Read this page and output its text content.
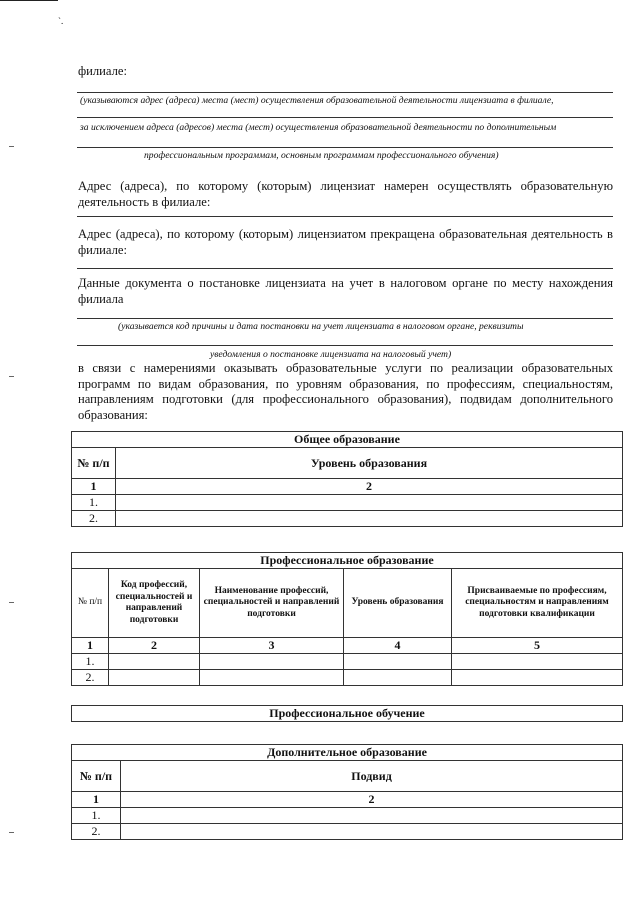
`.
филиале:
(указываются адрес (адреса) места (мест) осуществления образовательной деятельности лицензиата в филиале,
за исключением адреса (адресов) места (мест) осуществления образовательной деятельности по дополнительным
профессиональным программам, основным программам профессионального обучения)
Адрес (адреса), по которому (которым) лицензиат намерен осуществлять образовательную деятельность в филиале:
Адрес (адреса), по которому (которым) лицензиатом прекращена образовательная деятельность в филиале:
Данные документа о постановке лицензиата на учет в налоговом органе по месту нахождения филиала
(указывается код причины и дата постановки на учет лицензиата в налоговом органе, реквизиты
уведомления о постановке лицензиата на налоговый учет)
в связи с намерениями оказывать образовательные услуги по реализации образовательных программ по видам образования, по уровням образования, по профессиям, специальностям, направлениям подготовки (для профессионального образования), подвидам дополнительного образования:
Общее образование	
№ п/п	Уровень образования
1	2
1.	
2.	
Профессиональное образование				
№ п/п	Код профессий, специальностей и направлений подготовки	Наименование профессий, специальностей и направлений подготовки	Уровень образования	Присваиваемые по профессиям, специальностям и направлениям подготовки квалификации
1	2	3	4	5
1.				
2.				
Профессиональное обучение
Дополнительное образование	
№ п/п	Подвид
1	2
1.	
2.	
